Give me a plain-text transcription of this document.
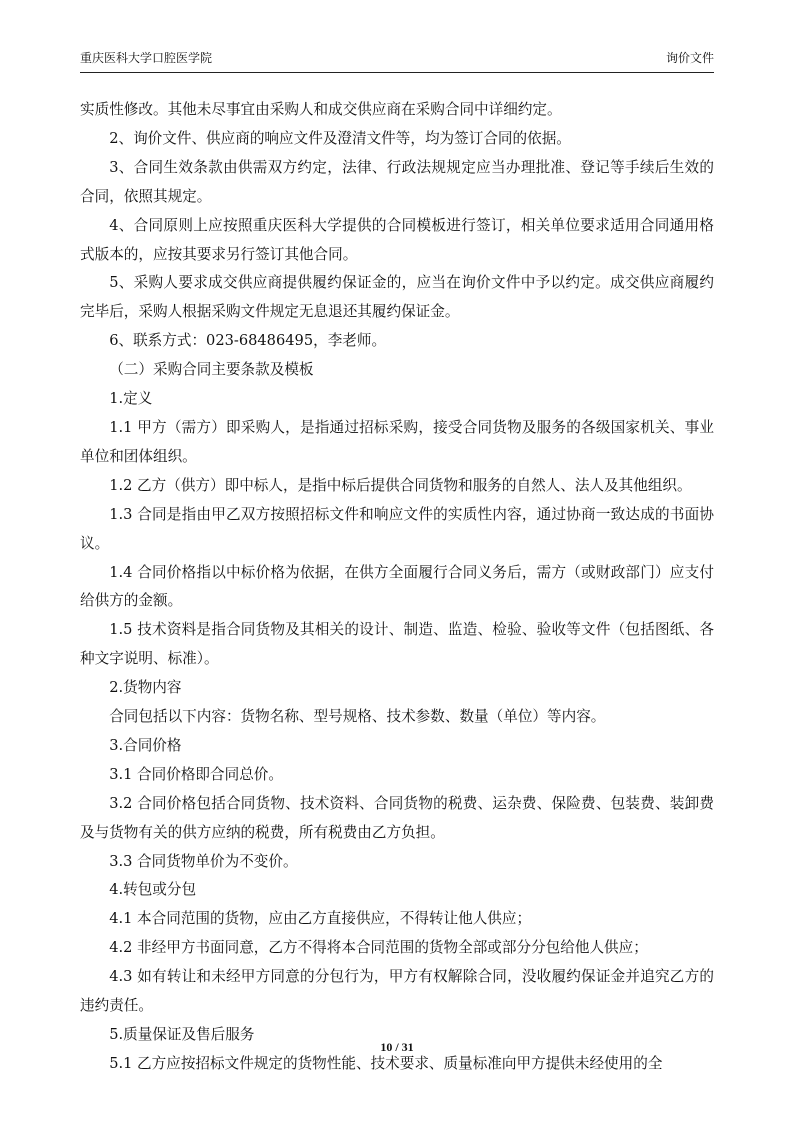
重庆医科大学口腔医学院	询价文件

实质性修改。其他未尽事宜由采购人和成交供应商在采购合同中详细约定。

2、询价文件、供应商的响应文件及澄清文件等，均为签订合同的依据。

3、合同生效条款由供需双方约定，法律、行政法规规定应当办理批准、登记等手续后生效的合同，依照其规定。

4、合同原则上应按照重庆医科大学提供的合同模板进行签订，相关单位要求适用合同通用格式版本的，应按其要求另行签订其他合同。

5、采购人要求成交供应商提供履约保证金的，应当在询价文件中予以约定。成交供应商履约完毕后，采购人根据采购文件规定无息退还其履约保证金。

6、联系方式：023-68486495，李老师。

（二）采购合同主要条款及模板

1.定义

1.1 甲方（需方）即采购人，是指通过招标采购，接受合同货物及服务的各级国家机关、事业单位和团体组织。

1.2 乙方（供方）即中标人，是指中标后提供合同货物和服务的自然人、法人及其他组织。

1.3 合同是指由甲乙双方按照招标文件和响应文件的实质性内容，通过协商一致达成的书面协议。

1.4 合同价格指以中标价格为依据，在供方全面履行合同义务后，需方（或财政部门）应支付给供方的金额。

1.5 技术资料是指合同货物及其相关的设计、制造、监造、检验、验收等文件（包括图纸、各种文字说明、标准）。

2.货物内容

合同包括以下内容：货物名称、型号规格、技术参数、数量（单位）等内容。

3.合同价格

3.1 合同价格即合同总价。

3.2 合同价格包括合同货物、技术资料、合同货物的税费、运杂费、保险费、包装费、装卸费及与货物有关的供方应纳的税费，所有税费由乙方负担。

3.3 合同货物单价为不变价。

4.转包或分包

4.1 本合同范围的货物，应由乙方直接供应，不得转让他人供应；

4.2 非经甲方书面同意，乙方不得将本合同范围的货物全部或部分分包给他人供应；

4.3 如有转让和未经甲方同意的分包行为，甲方有权解除合同，没收履约保证金并追究乙方的违约责任。

5.质量保证及售后服务

5.1 乙方应按招标文件规定的货物性能、技术要求、质量标准向甲方提供未经使用的全

10 / 31
